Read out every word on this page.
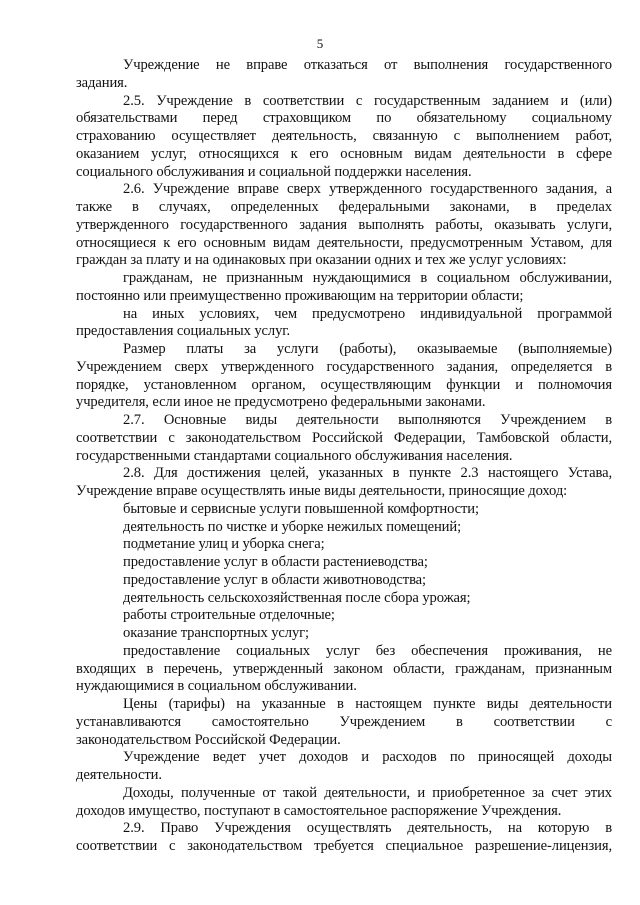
5
Учреждение не вправе отказаться от выполнения государственного
задания.
2.5. Учреждение в соответствии с государственным заданием и (или)
обязательствами перед страховщиком по обязательному социальному
страхованию осуществляет деятельность, связанную с выполнением работ,
оказанием услуг, относящихся к его основным видам деятельности в сфере
социального обслуживания и социальной поддержки населения.
2.6. Учреждение вправе сверх утвержденного государственного задания, а
также в случаях, определенных федеральными законами, в пределах
утвержденного государственного задания выполнять работы, оказывать услуги,
относящиеся к его основным видам деятельности, предусмотренным Уставом, для
граждан за плату и на одинаковых при оказании одних и тех же услуг условиях:
гражданам, не признанным нуждающимися в социальном обслуживании,
постоянно или преимущественно проживающим на территории области;
на иных условиях, чем предусмотрено индивидуальной программой
предоставления социальных услуг.
Размер платы за услуги (работы), оказываемые (выполняемые)
Учреждением сверх утвержденного государственного задания, определяется в
порядке, установленном органом, осуществляющим функции и полномочия
учредителя, если иное не предусмотрено федеральными законами.
2.7. Основные виды деятельности выполняются Учреждением в
соответствии с законодательством Российской Федерации, Тамбовской области,
государственными стандартами социального обслуживания населения.
2.8. Для достижения целей, указанных в пункте 2.3 настоящего Устава,
Учреждение вправе осуществлять иные виды деятельности, приносящие доход:
бытовые и сервисные услуги повышенной комфортности;
деятельность по чистке и уборке нежилых помещений;
подметание улиц и уборка снега;
предоставление услуг в области растениеводства;
предоставление услуг в области животноводства;
деятельность сельскохозяйственная после сбора урожая;
работы строительные отделочные;
оказание транспортных услуг;
предоставление социальных услуг без обеспечения проживания, не
входящих в перечень, утвержденный законом области, гражданам, признанным
нуждающимися в социальном обслуживании.
Цены (тарифы) на указанные в настоящем пункте виды деятельности
устанавливаются самостоятельно Учреждением в соответствии с
законодательством Российской Федерации.
Учреждение ведет учет доходов и расходов по приносящей доходы
деятельности.
Доходы, полученные от такой деятельности, и приобретенное за счет этих
доходов имущество, поступают в самостоятельное распоряжение Учреждения.
2.9. Право Учреждения осуществлять деятельность, на которую в
соответствии с законодательством требуется специальное разрешение-лицензия,
